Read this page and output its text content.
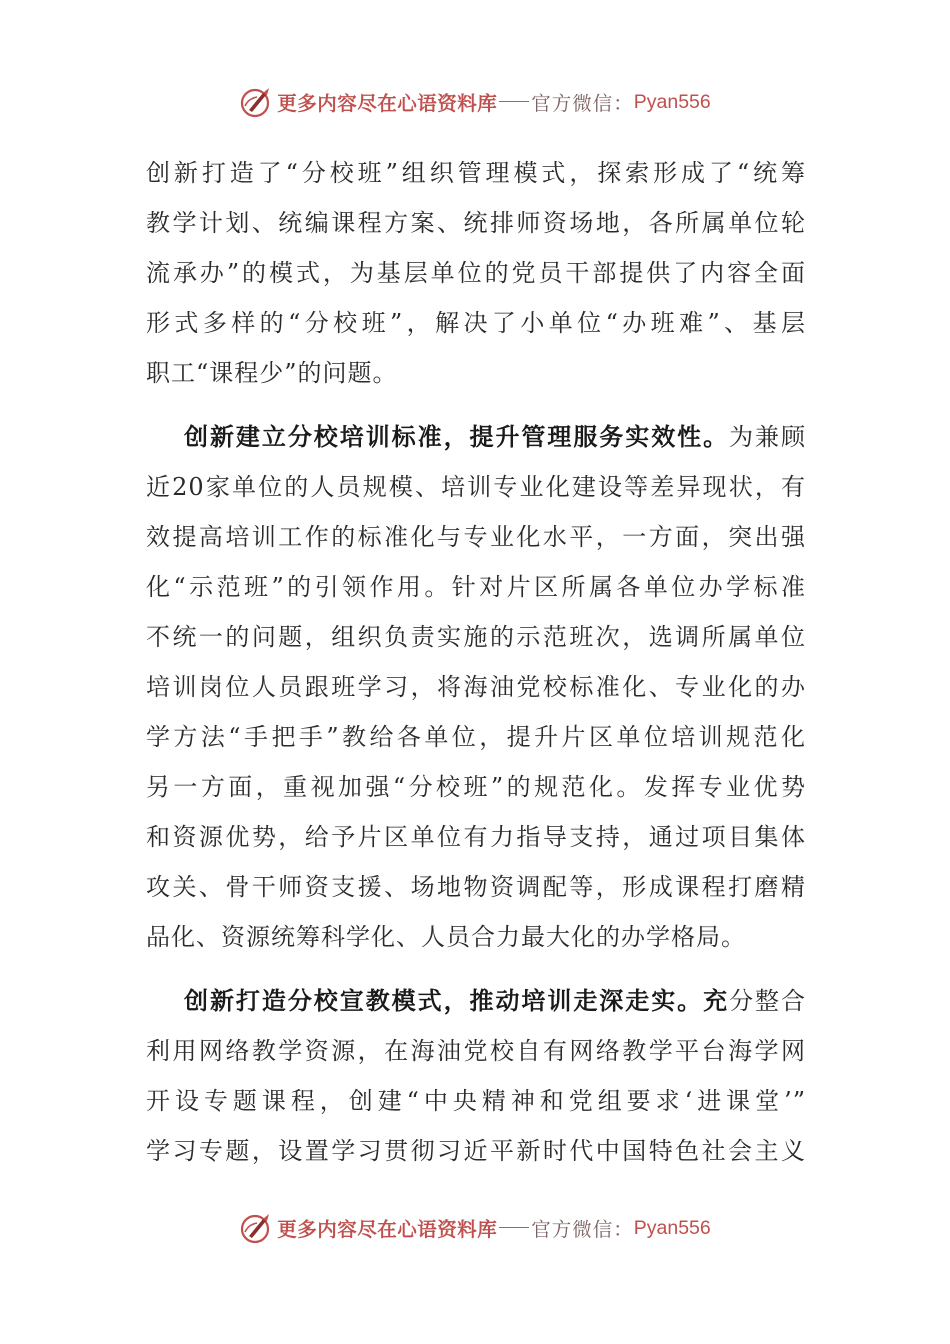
更多内容尽在心语资料库 官方微信： Pyan556
创新打造了“分校班”组织管理模式，探索形成了“统筹
教学计划、统编课程方案、统排师资场地，各所属单位轮
流承办”的模式，为基层单位的党员干部提供了内容全面
形式多样的“分校班”，解决了小单位“办班难”、基层
职工“课程少”的问题。
创新建立分校培训标准，提升管理服务实效性。为兼顾
近20家单位的人员规模、培训专业化建设等差异现状，有
效提高培训工作的标准化与专业化水平，一方面，突出强
化“示范班”的引领作用。针对片区所属各单位办学标准
不统一的问题，组织负责实施的示范班次，选调所属单位
培训岗位人员跟班学习，将海油党校标准化、专业化的办
学方法“手把手”教给各单位，提升片区单位培训规范化
另一方面，重视加强“分校班”的规范化。发挥专业优势
和资源优势，给予片区单位有力指导支持，通过项目集体
攻关、骨干师资支援、场地物资调配等，形成课程打磨精
品化、资源统筹科学化、人员合力最大化的办学格局。
创新打造分校宣教模式，推动培训走深走实。充分整合
利用网络教学资源，在海油党校自有网络教学平台海学网
开设专题课程，创建“中央精神和党组要求‘进课堂’”
学习专题，设置学习贯彻习近平新时代中国特色社会主义
更多内容尽在心语资料库 官方微信： Pyan556
